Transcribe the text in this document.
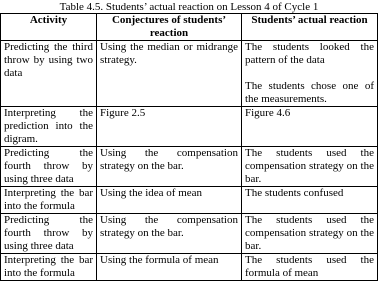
Table 4.5. Students’ actual reaction on Lesson 4 of Cycle 1
Activity	Conjectures of students’ reaction	Students’ actual reaction
Predicting the third throw by using two data	Using the median or midrange strategy.	The students looked the pattern of the data

The students chose one of the measurements.

Interpreting the prediction into the digram.	Figure 2.5	Figure 4.6
Predicting the fourth throw by using three data	Using the compensation strategy on the bar.	The students used the compensation strategy on the bar.
Interpreting the bar into the formula	Using the idea of mean	The students confused
Predicting the fourth throw by using three data	Using the compensation strategy on the bar.	The students used the compensation strategy on the bar.
Interpreting the bar into the formula	Using the formula of mean	The students used the formula of mean
